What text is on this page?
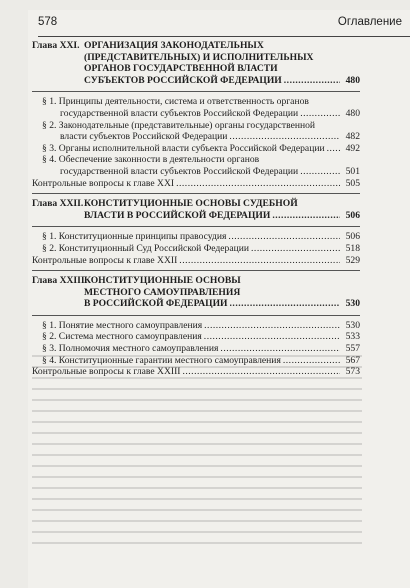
578	Оглавление
Глава XXI. ОРГАНИЗАЦИЯ ЗАКОНОДАТЕЛЬНЫХ
(ПРЕДСТАВИТЕЛЬНЫХ) И ИСПОЛНИТЕЛЬНЫХ
ОРГАНОВ ГОСУДАРСТВЕННОЙ ВЛАСТИ
СУБЪЕКТОВ РОССИЙСКОЙ ФЕДЕРАЦИИ .....	480
§ 1. Принципы деятельности, система и ответственность органов
государственной власти субъектов Российской Федерации .....	480
§ 2. Законодательные (представительные) органы государственной
власти субъектов Российской Федерации .....	482
§ 3. Органы исполнительной власти субъекта Российской Федерации .....	492
§ 4. Обеспечение законности в деятельности органов
государственной власти субъектов Российской Федерации .....	501
Контрольные вопросы к главе XXI .....	505
Глава XXII. КОНСТИТУЦИОННЫЕ ОСНОВЫ СУДЕБНОЙ
ВЛАСТИ В РОССИЙСКОЙ ФЕДЕРАЦИИ .....	506
§ 1. Конституционные принципы правосудия .....	506
§ 2. Конституционный Суд Российской Федерации .....	518
Контрольные вопросы к главе XXII .....	529
Глава XXIII.
КОНСТИТУЦИОННЫЕ ОСНОВЫ
МЕСТНОГО САМОУПРАВЛЕНИЯ
В РОССИЙСКОЙ ФЕДЕРАЦИИ .....	530
§ 1. Понятие местного самоуправления .....	530
§ 2. Система местного самоуправления .....	533
§ 3. Полномочия местного самоуправления .....	557
§ 4. Конституционные гарантии местного самоуправления .....	567
Контрольные вопросы к главе XXIII .....	573
